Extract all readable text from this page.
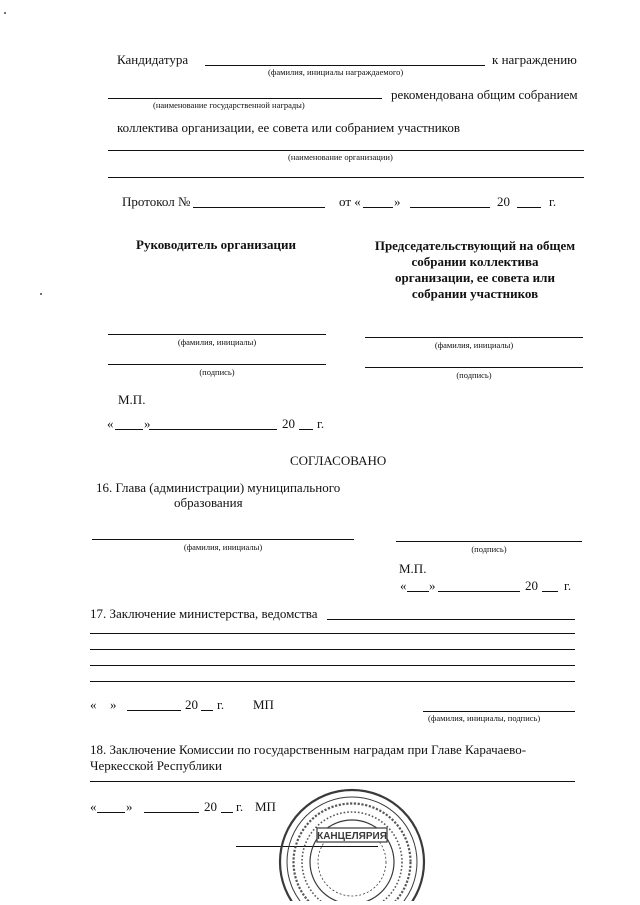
Кандидатура	к награждению
(фамилия, инициалы награждаемого)
рекомендована общим собранием
(наименование государственной награды)
коллектива организации, ее совета или собранием участников
(наименование организации)
Протокол №	от «	»	20	г.
Руководитель организации	Председательствующий на общем
собрании коллектива
организации, ее совета или
собрании участников
(фамилия, инициалы)	(фамилия, инициалы)
(подпись)	(подпись)
М.П.
« »	20 г.
СОГЛАСОВАНО
16. Глава (администрации) муниципального
образования
(фамилия, инициалы)	(подпись)
М.П.
« »	20 г.
17. Заключение министерства, ведомства
« »	20 г. МП
(фамилия, инициалы, подпись)
18. Заключение Комиссии по государственным наградам при Главе Карачаево-
Черкесской Республики
« »	20 г. МП
КАНЦЕЛЯРИЯ
